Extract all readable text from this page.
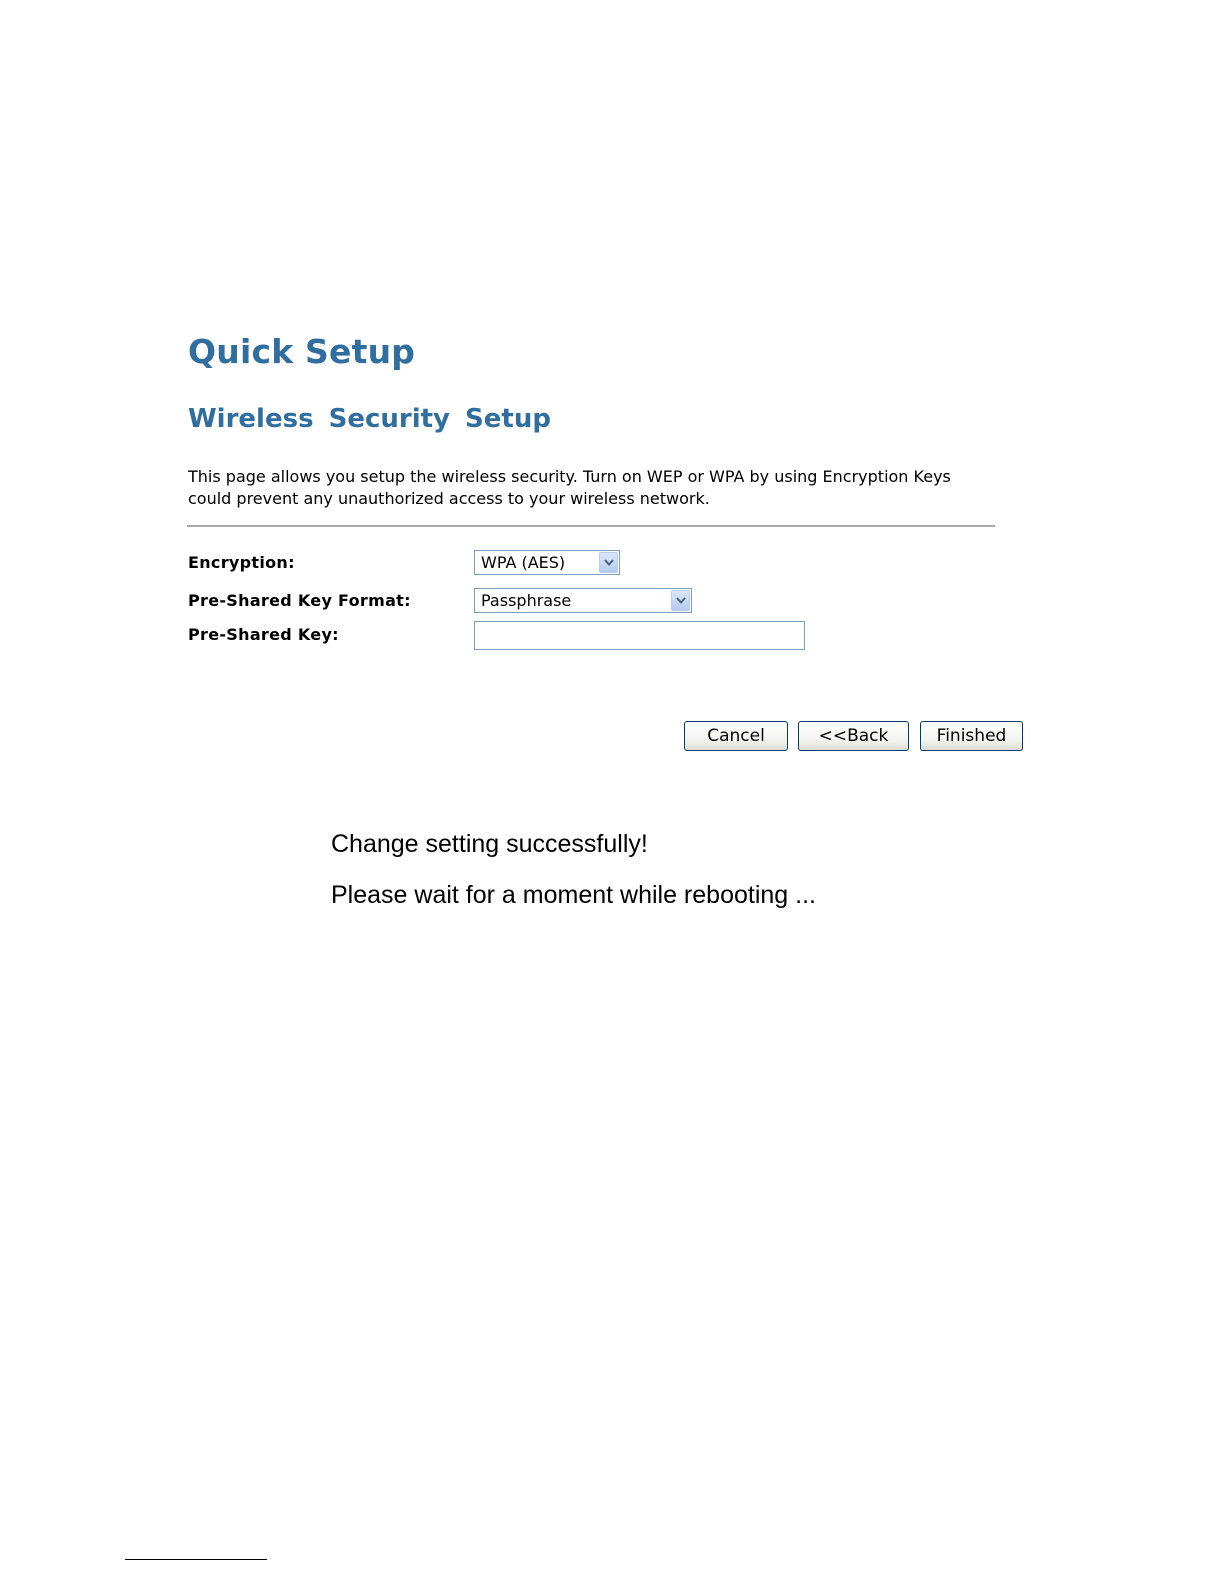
Quick Setup
Wireless Security Setup

This page allows you setup the wireless security. Turn on WEP or WPA by using Encryption Keys could prevent any unauthorized access to your wireless network.

Encryption:	WPA (AES)
Pre-Shared Key Format:	Passphrase
Pre-Shared Key:
Cancel	<<Back	Finished

Change setting successfully!

Please wait for a moment while rebooting ...
